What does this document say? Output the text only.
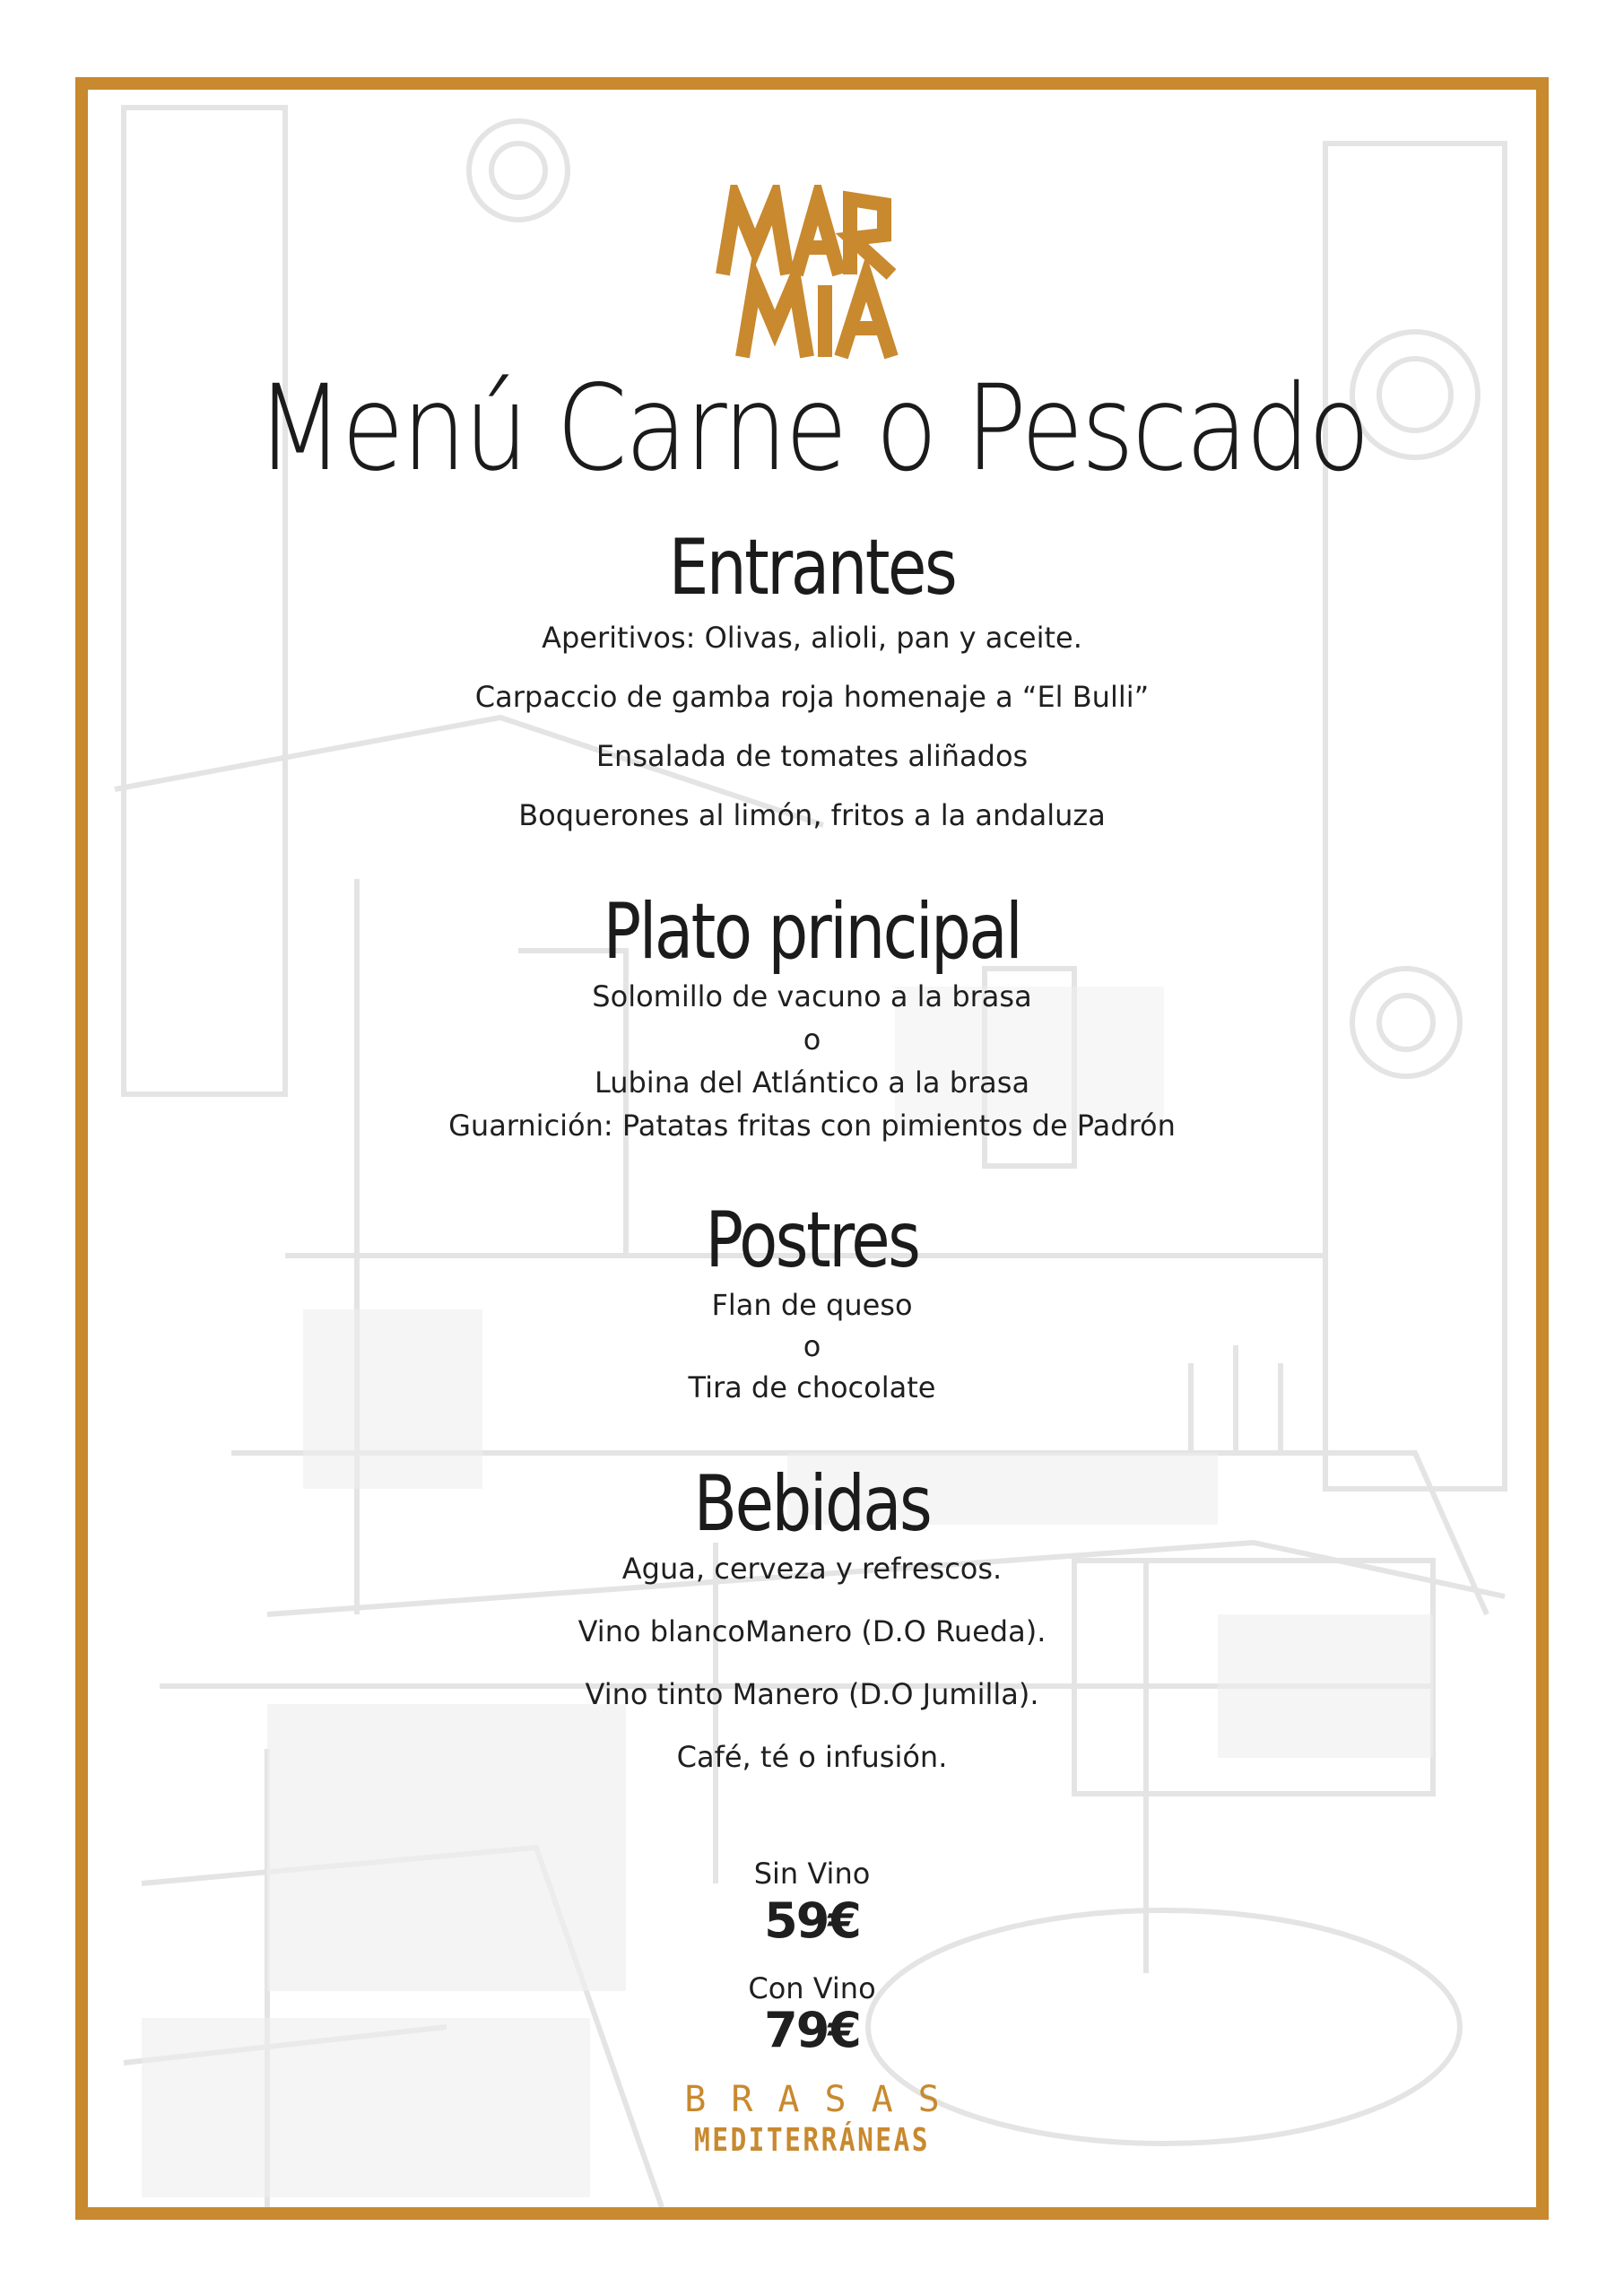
Menú Carne o Pescado
Entrantes
Aperitivos: Olivas, alioli, pan y aceite.
Carpaccio de gamba roja homenaje a “El Bulli”
Ensalada de tomates aliñados
Boquerones al limón, fritos a la andaluza
Plato principal
Solomillo de vacuno a la brasa
o
Lubina del Atlántico a la brasa
Guarnición: Patatas fritas con pimientos de Padrón
Postres
Flan de queso
o
Tira de chocolate
Bebidas
Agua, cerveza y refrescos.
Vino blancoManero (D.O Rueda).
Vino tinto Manero (D.O Jumilla).
Café, té o infusión.
Sin Vino
59€
Con Vino
79€
BRASAS
MEDITERRÁNEAS
